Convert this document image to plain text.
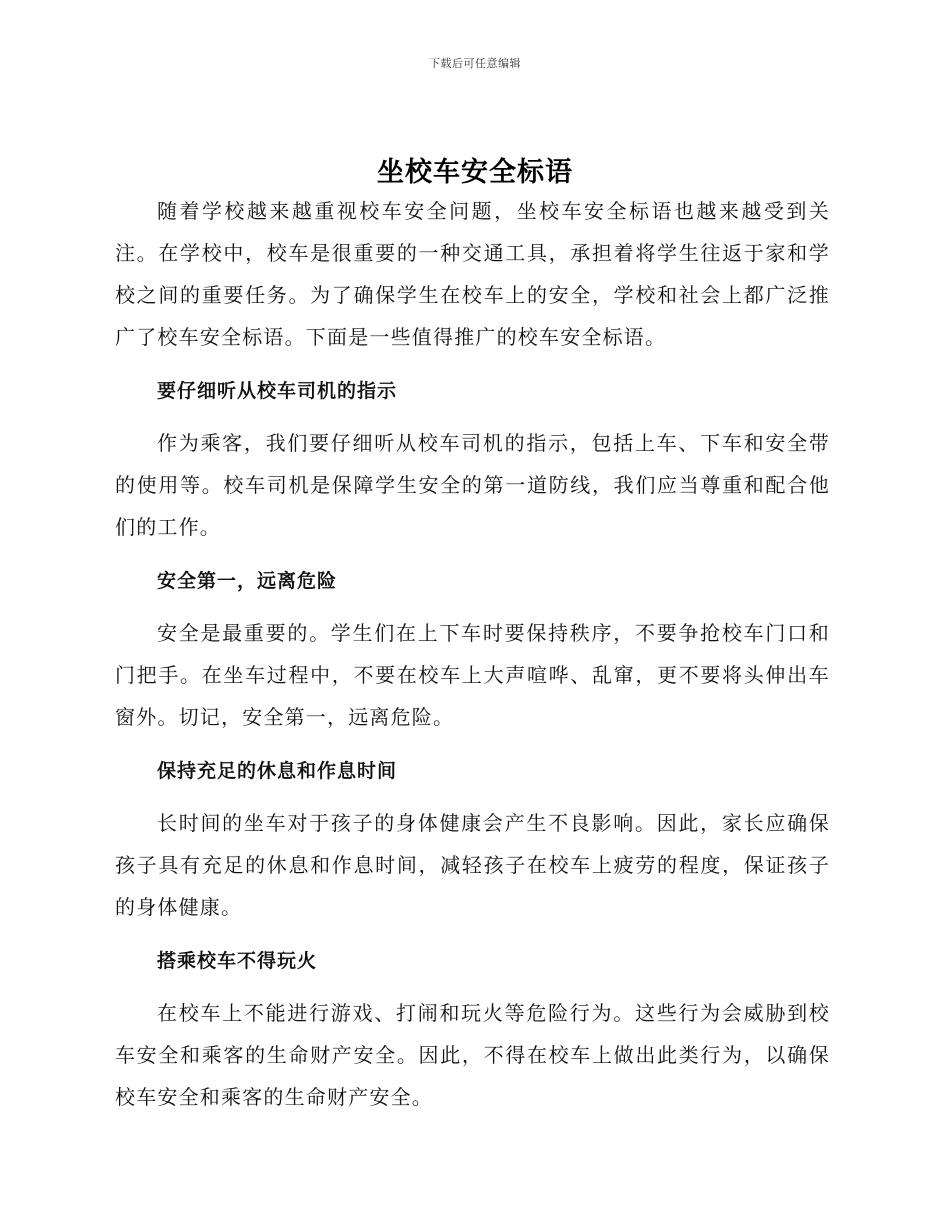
下载后可任意编辑
坐校车安全标语

随着学校越来越重视校车安全问题，坐校车安全标语也越来越受到关注。在学校中，校车是很重要的一种交通工具，承担着将学生往返于家和学校之间的重要任务。为了确保学生在校车上的安全，学校和社会上都广泛推广了校车安全标语。下面是一些值得推广的校车安全标语。

要仔细听从校车司机的指示

作为乘客，我们要仔细听从校车司机的指示，包括上车、下车和安全带的使用等。校车司机是保障学生安全的第一道防线，我们应当尊重和配合他们的工作。

安全第一，远离危险

安全是最重要的。学生们在上下车时要保持秩序，不要争抢校车门口和门把手。在坐车过程中，不要在校车上大声喧哗、乱窜，更不要将头伸出车窗外。切记，安全第一，远离危险。

保持充足的休息和作息时间

长时间的坐车对于孩子的身体健康会产生不良影响。因此，家长应确保孩子具有充足的休息和作息时间，减轻孩子在校车上疲劳的程度，保证孩子的身体健康。

搭乘校车不得玩火

在校车上不能进行游戏、打闹和玩火等危险行为。这些行为会威胁到校车安全和乘客的生命财产安全。因此，不得在校车上做出此类行为，以确保校车安全和乘客的生命财产安全。
